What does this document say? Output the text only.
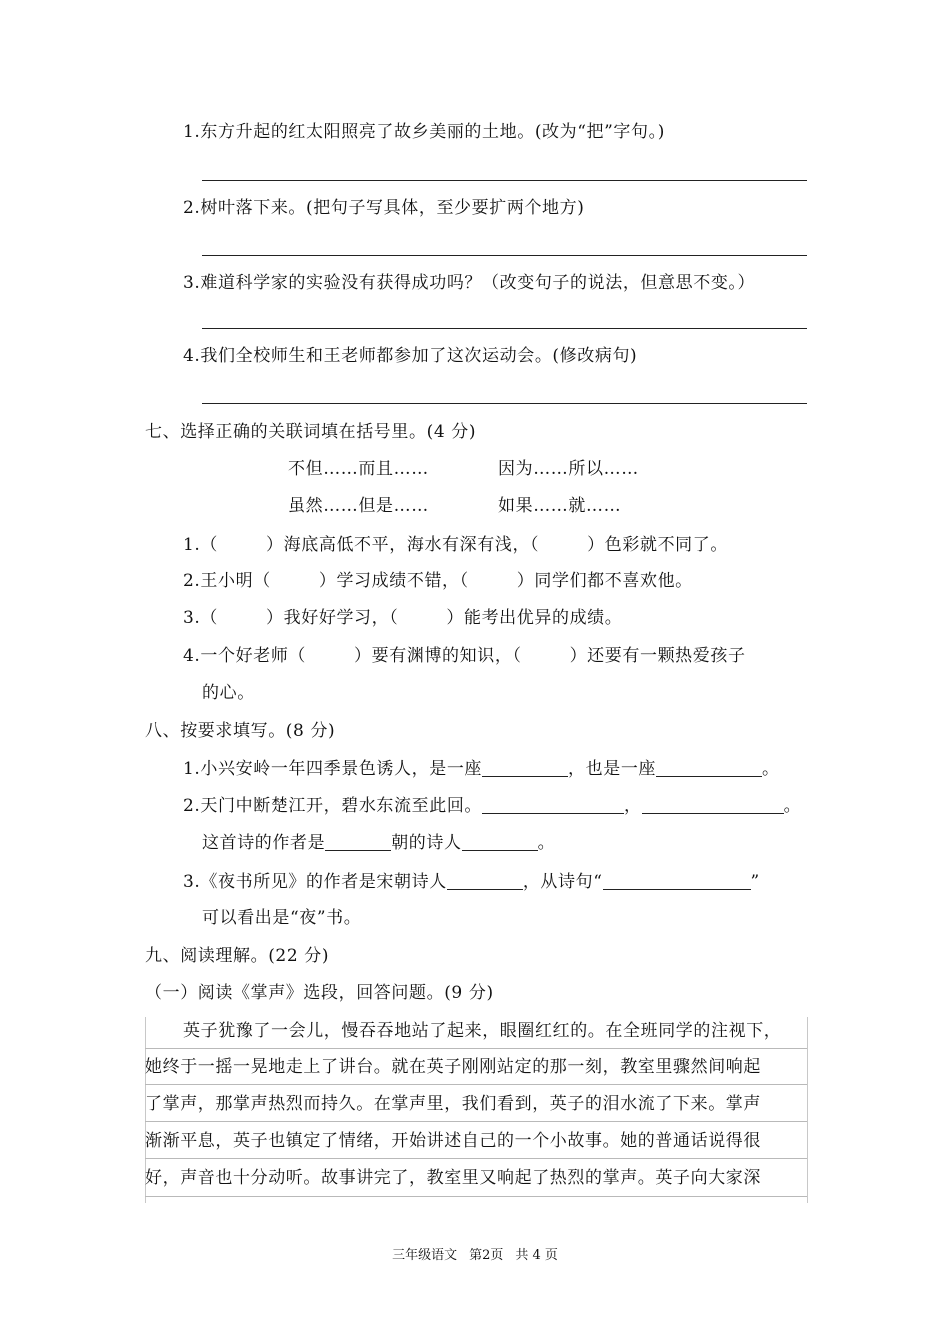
1.东方升起的红太阳照亮了故乡美丽的土地。(改为“把”字句。)
2.树叶落下来。(把句子写具体，至少要扩两个地方)
3.难道科学家的实验没有获得成功吗？（改变句子的说法，但意思不变。）
4.我们全校师生和王老师都参加了这次运动会。(修改病句)
七、选择正确的关联词填在括号里。(4 分)
不但……而且……	因为……所以……
虽然……但是……	如果……就……
1.（	）海底高低不平，海水有深有浅，（	）色彩就不同了。
2.王小明（	）学习成绩不错，（	）同学们都不喜欢他。
3.（	）我好好学习，（	）能考出优异的成绩。
4.一个好老师（	）要有渊博的知识，（	）还要有一颗热爱孩子
的心。
八、按要求填写。(8 分)
1.小兴安岭一年四季景色诱人，是一座	，也是一座	。
2.天门中断楚江开，碧水东流至此回。	，	。
这首诗的作者是	朝的诗人	。
3.《夜书所见》的作者是宋朝诗人	，从诗句“	”
可以看出是“夜”书。
九、阅读理解。(22 分)
（一）阅读《掌声》选段，回答问题。(9 分)
英子犹豫了一会儿，慢吞吞地站了起来，眼圈红红的。在全班同学的注视下，
她终于一摇一晃地走上了讲台。就在英子刚刚站定的那一刻，教室里骤然间响起
了掌声，那掌声热烈而持久。在掌声里，我们看到，英子的泪水流了下来。掌声
渐渐平息，英子也镇定了情绪，开始讲述自己的一个小故事。她的普通话说得很
好，声音也十分动听。故事讲完了，教室里又响起了热烈的掌声。英子向大家深
三年级语文 第2页 共 4 页
